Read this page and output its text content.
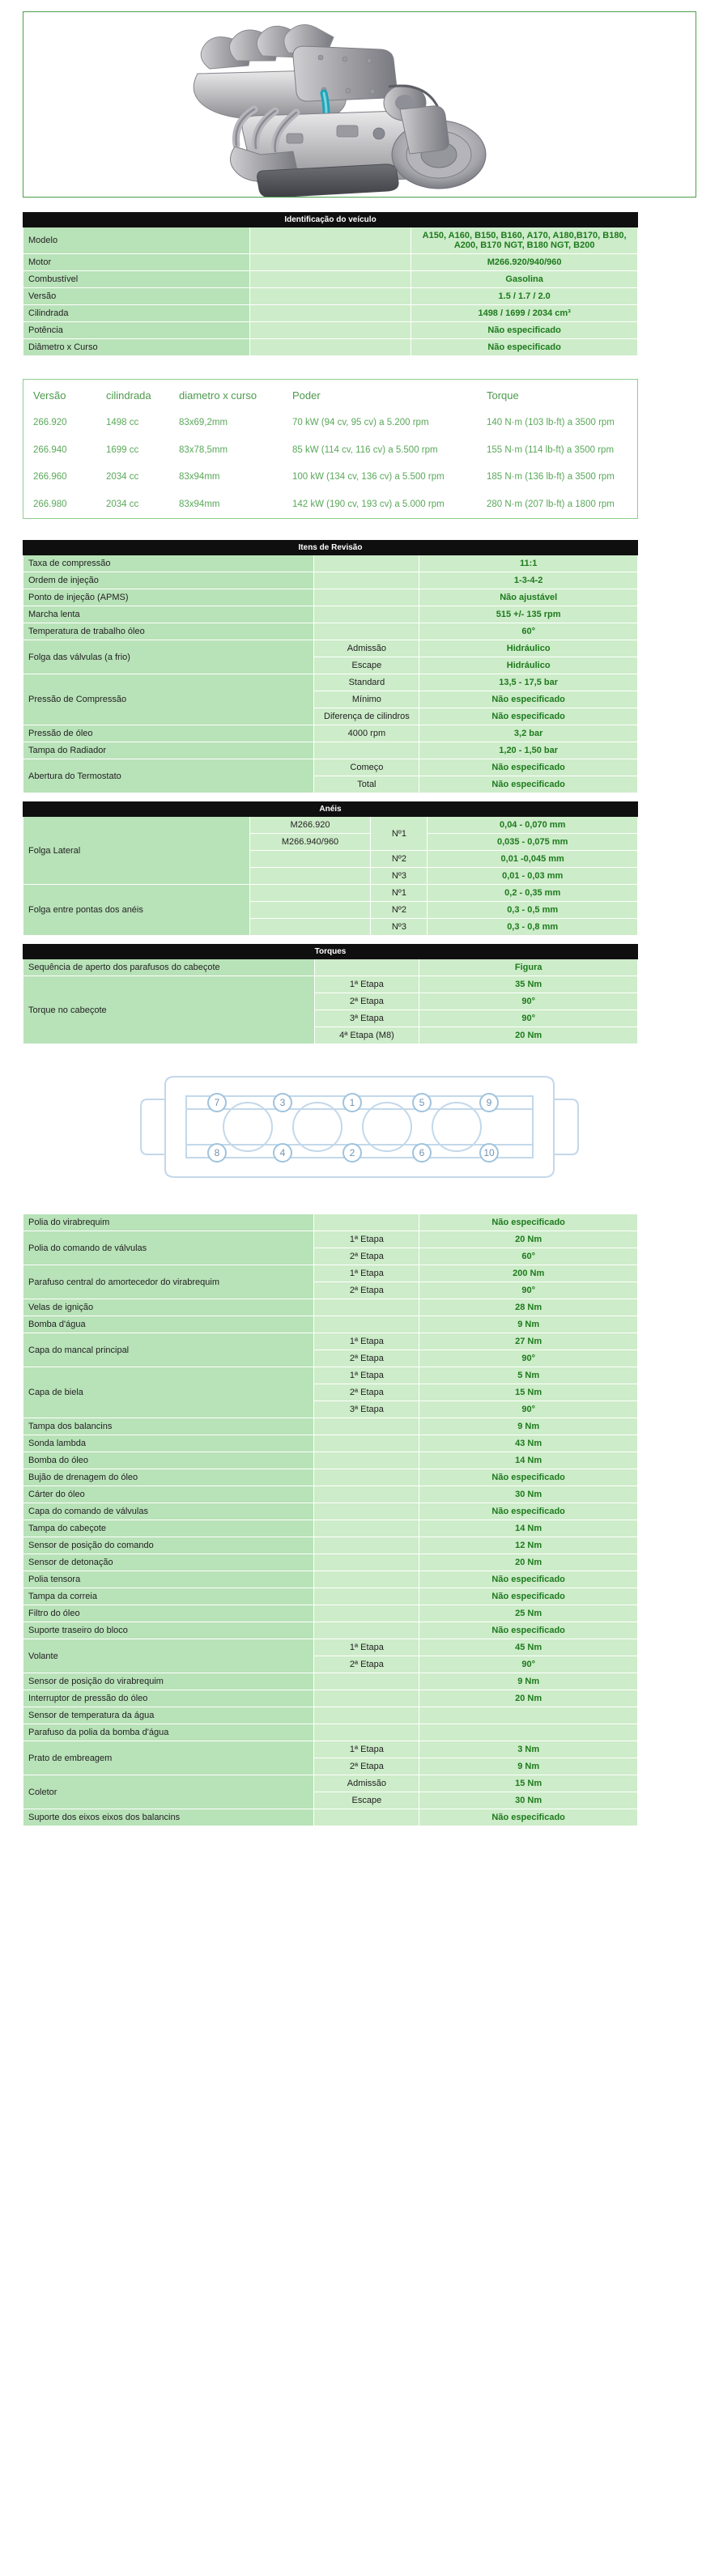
Identificação do veículo		
Modelo		A150, A160, B150, B160, A170, A180,B170, B180, A200, B170 NGT, B180 NGT, B200
Motor		M266.920/940/960
Combustível		Gasolina
Versão		1.5 / 1.7 / 2.0
Cilindrada		1498 / 1699 / 2034 cm³
Potência		Não especificado
Diâmetro x Curso		Não especificado
Versão	cilindrada	diametro x curso	Poder	Torque
266.920	1498 cc	83x69,2mm	70 kW (94 cv, 95 cv) a 5.200 rpm	140 N·m (103 lb-ft) a 3500 rpm
266.940	1699 cc	83x78,5mm	85 kW (114 cv, 116 cv) a 5.500 rpm	155 N·m (114 lb-ft) a 3500 rpm
266.960	2034 cc	83x94mm	100 kW (134 cv, 136 cv) a 5.500 rpm	185 N·m (136 lb-ft) a 3500 rpm
266.980	2034 cc	83x94mm	142 kW (190 cv, 193 cv) a 5.000 rpm	280 N·m (207 lb-ft) a 1800 rpm
Itens de Revisão		
Taxa de compressão		11:1
Ordem de injeção		1-3-4-2
Ponto de injeção (APMS)		Não ajustável
Marcha lenta		515 +/- 135 rpm
Temperatura de trabalho óleo		60°
Folga das válvulas (a frio)	Admissão	Hidráulico
	Escape	Hidráulico
Pressão de Compressão	Standard	13,5 - 17,5 bar
	Mínimo	Não especificado
	Diferença de cilindros	Não especificado
Pressão de óleo	4000 rpm	3,2 bar
Tampa do Radiador		1,20 - 1,50 bar
Abertura do Termostato	Começo	Não especificado
	Total	Não especificado
Anéis			
Folga Lateral	M266.920	Nº1	0,04 - 0,070 mm
	M266.940/960		0,035 - 0,075 mm
		Nº2	0,01 -0,045 mm
		Nº3	0,01 - 0,03 mm
Folga entre pontas dos anéis		Nº1	0,2 - 0,35 mm
		Nº2	0,3 - 0,5 mm
		Nº3	0,3 - 0,8 mm
Torques		
Sequência de aperto dos parafusos do cabeçote		Figura
Torque no cabeçote	1ª Etapa	35 Nm
	2ª Etapa	90°
	3ª Etapa	90°
	4ª Etapa (M8)	20 Nm
7	3	1	5	9
8	4	2	6	10
Polia do virabrequim		Não especificado
Polia do comando de válvulas	1ª Etapa	20 Nm
	2ª Etapa	60°
Parafuso central do amortecedor do virabrequim	1ª Etapa	200 Nm
	2ª Etapa	90°
Velas de ignição		28 Nm
Bomba d'água		9 Nm
Capa do mancal principal	1ª Etapa	27 Nm
	2ª Etapa	90°
Capa de biela	1ª Etapa	5 Nm
	2ª Etapa	15 Nm
	3ª Etapa	90°
Tampa dos balancins		9 Nm
Sonda lambda		43 Nm
Bomba do óleo		14 Nm
Bujão de drenagem do óleo		Não especificado
Cárter do óleo		30 Nm
Capa do comando de válvulas		Não especificado
Tampa do cabeçote		14 Nm
Sensor de posição do comando		12 Nm
Sensor de detonação		20 Nm
Polia tensora		Não especificado
Tampa da correia		Não especificado
Filtro do óleo		25 Nm
Suporte traseiro do bloco		Não especificado
Volante	1ª Etapa	45 Nm
	2ª Etapa	90°
Sensor de posição do virabrequim		9 Nm
Interruptor de pressão do óleo		20 Nm
Sensor de temperatura da água		
Parafuso da polia da bomba d'água		
Prato de embreagem	1ª Etapa	3 Nm
	2ª Etapa	9 Nm
Coletor	Admissão	15 Nm
	Escape	30 Nm
Suporte dos eixos eixos dos balancins		Não especificado
